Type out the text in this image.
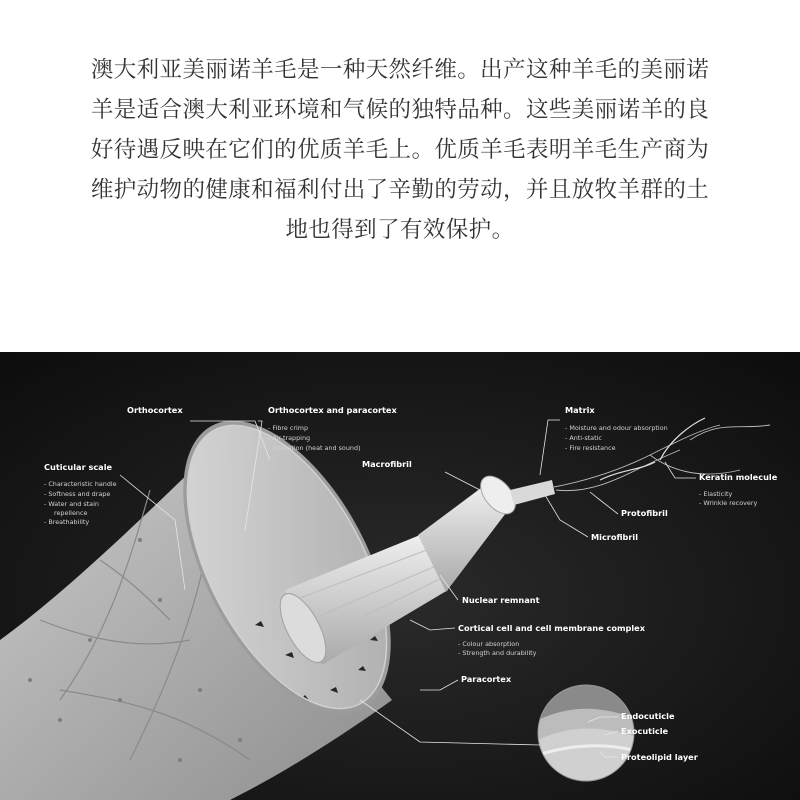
澳大利亚美丽诺羊毛是一种天然纤维。出产这种羊毛的美丽诺
羊是适合澳大利亚环境和气候的独特品种。这些美丽诺羊的良
好待遇反映在它们的优质羊毛上。优质羊毛表明羊毛生产商为
维护动物的健康和福利付出了辛勤的劳动，并且放牧羊群的土
地也得到了有效保护。

Orthocortex	Orthocortex and paracortex
- Fibre crimp
- Air-trapping
- Insulation (heat and sound)
Matrix
- Moisture and odour absorption
- Anti-static
- Fire resistance
Cuticular scale
- Characteristic handle
- Softness and drape
- Water and stain
repellence
- Breathability
Macrofibril
Keratin molecule
- Elasticity
- Wrinkle recovery
Protofibril
Microfibril
Nuclear remnant
Cortical cell and cell membrane complex
- Colour absorption
- Strength and durability
Paracortex
Endocuticle
Exocuticle
Proteolipid layer
